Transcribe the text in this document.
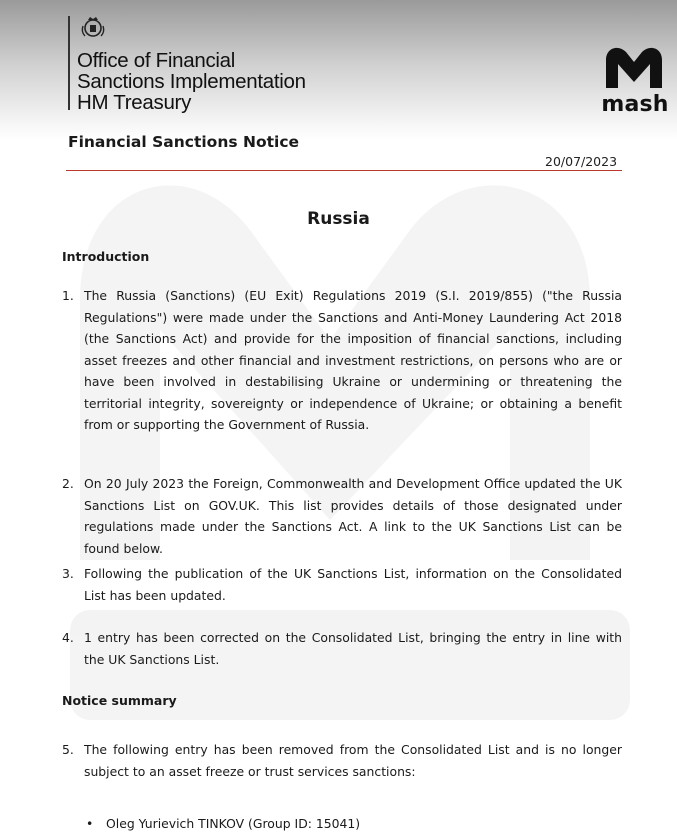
Office of Financial
Sanctions Implementation
HM Treasury	mash
Financial Sanctions Notice
20/07/2023
Russia
Introduction
1. The Russia (Sanctions) (EU Exit) Regulations 2019 (S.I. 2019/855) ("the Russia Regulations") were made under the Sanctions and Anti-Money Laundering Act 2018 (the Sanctions Act) and provide for the imposition of financial sanctions, including asset freezes and other financial and investment restrictions, on persons who are or have been involved in destabilising Ukraine or undermining or threatening the territorial integrity, sovereignty or independence of Ukraine; or obtaining a benefit from or supporting the Government of Russia.
2. On 20 July 2023 the Foreign, Commonwealth and Development Office updated the UK Sanctions List on GOV.UK. This list provides details of those designated under regulations made under the Sanctions Act. A link to the UK Sanctions List can be found below.
3. Following the publication of the UK Sanctions List, information on the Consolidated List has been updated.
4. 1 entry has been corrected on the Consolidated List, bringing the entry in line with the UK Sanctions List.
Notice summary
5. The following entry has been removed from the Consolidated List and is no longer subject to an asset freeze or trust services sanctions:
• Oleg Yurievich TINKOV (Group ID: 15041)
